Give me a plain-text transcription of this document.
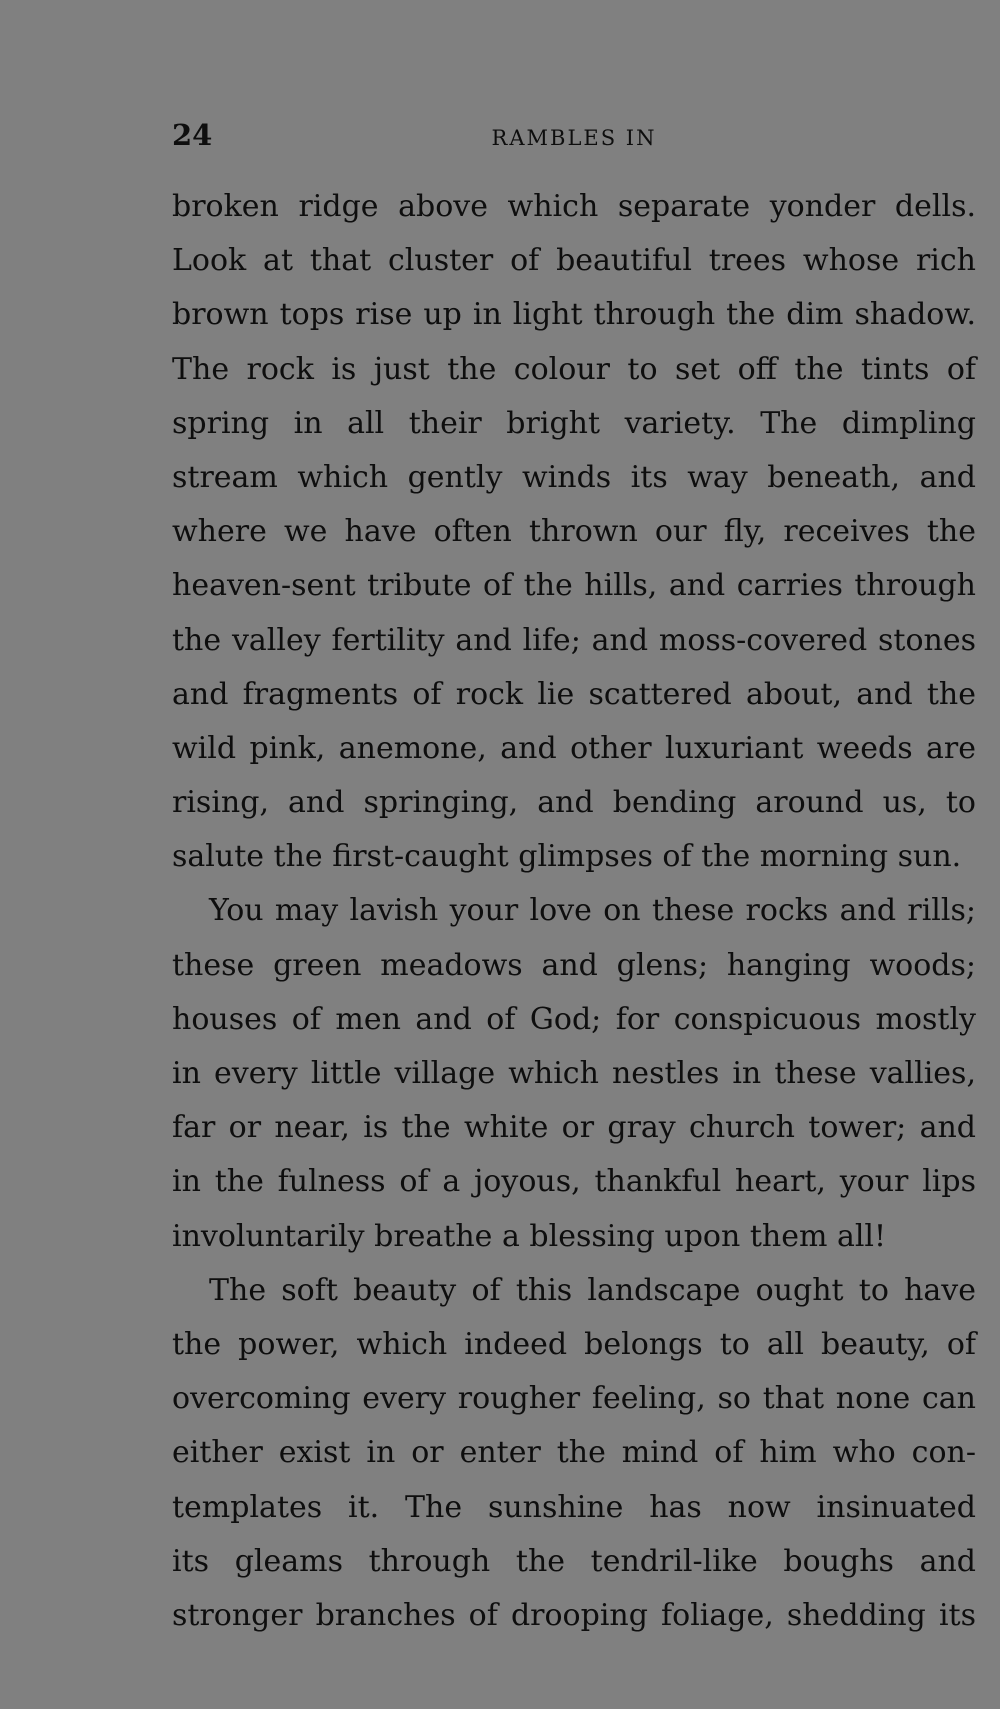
24	RAMBLES IN
broken ridge above which separate yonder dells.
Look at that cluster of beautiful trees whose rich
brown tops rise up in light through the dim shadow.
The rock is just the colour to set off the tints of
spring in all their bright variety. The dimpling
stream which gently winds its way beneath, and
where we have often thrown our fly, receives the
heaven-sent tribute of the hills, and carries through
the valley fertility and life; and moss-covered stones
and fragments of rock lie scattered about, and the
wild pink, anemone, and other luxuriant weeds are
rising, and springing, and bending around us, to
salute the first-caught glimpses of the morning sun.
You may lavish your love on these rocks and rills;
these green meadows and glens; hanging woods;
houses of men and of God; for conspicuous mostly
in every little village which nestles in these vallies,
far or near, is the white or gray church tower; and
in the fulness of a joyous, thankful heart, your lips
involuntarily breathe a blessing upon them all!
The soft beauty of this landscape ought to have
the power, which indeed belongs to all beauty, of
overcoming every rougher feeling, so that none can
either exist in or enter the mind of him who con-
templates it. The sunshine has now insinuated
its gleams through the tendril-like boughs and
stronger branches of drooping foliage, shedding its
